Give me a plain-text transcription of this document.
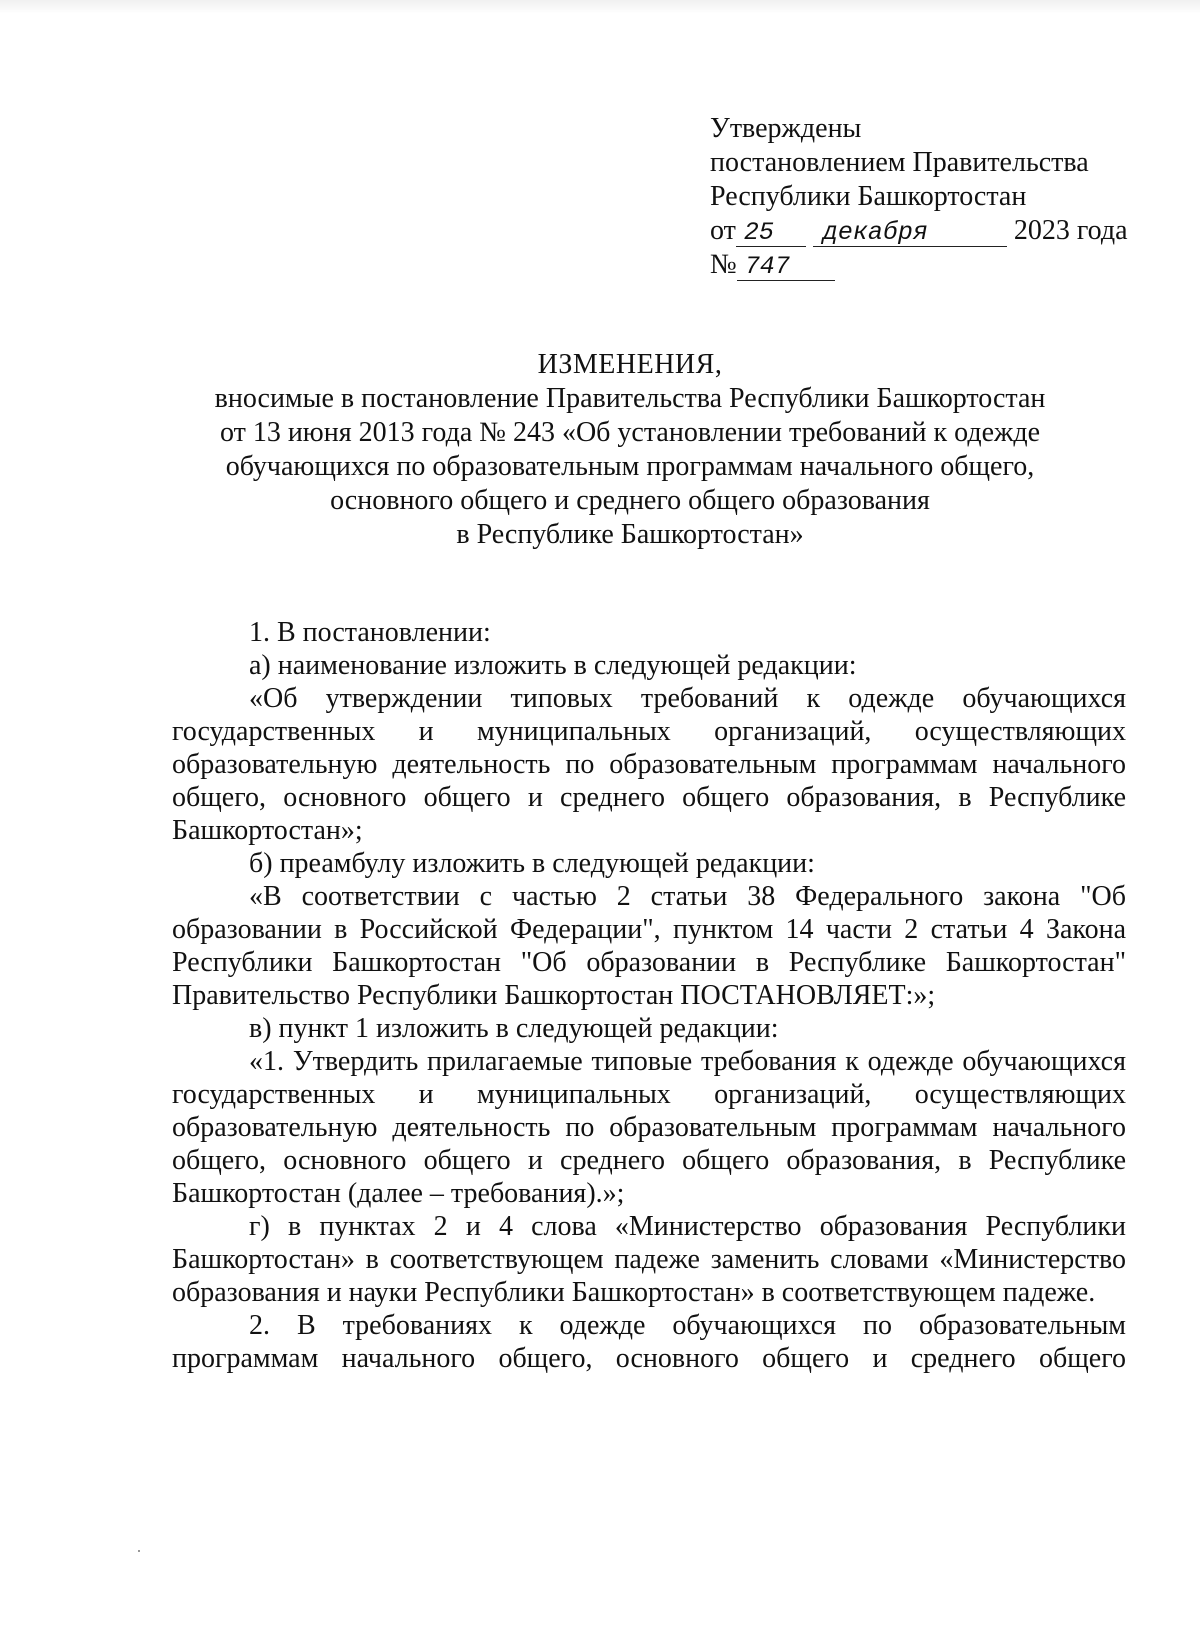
Утверждены
постановлением Правительства
Республики Башкортостан
от 25 декабря	2023 года
№ 747
ИЗМЕНЕНИЯ,
вносимые в постановление Правительства Республики Башкортостан
от 13 июня 2013 года № 243 «Об установлении требований к одежде
обучающихся по образовательным программам начального общего,
основного общего и среднего общего образования
в Республике Башкортостан»

1. В постановлении:

а) наименование изложить в следующей редакции:

«Об утверждении типовых требований к одежде обучающихся государственных и муниципальных организаций, осуществляющих образовательную деятельность по образовательным программам начального общего, основного общего и среднего общего образования, в Республике Башкортостан»;

б) преамбулу изложить в следующей редакции:

«В соответствии с частью 2 статьи 38 Федерального закона "Об образовании в Российской Федерации", пунктом 14 части 2 статьи 4 Закона Республики Башкортостан "Об образовании в Республике Башкортостан" Правительство Республики Башкортостан ПОСТАНОВЛЯЕТ:»;

в) пункт 1 изложить в следующей редакции:

«1. Утвердить прилагаемые типовые требования к одежде обучающихся государственных и муниципальных организаций, осуществляющих образовательную деятельность по образовательным программам начального общего, основного общего и среднего общего образования, в Республике Башкортостан (далее – требования).»;

г) в пунктах 2 и 4 слова «Министерство образования Республики Башкортостан» в соответствующем падеже заменить словами «Министерство образования и науки Республики Башкортостан» в соответствующем падеже.

2. В требованиях к одежде обучающихся по образовательным программам начального общего, основного общего и среднего общего
